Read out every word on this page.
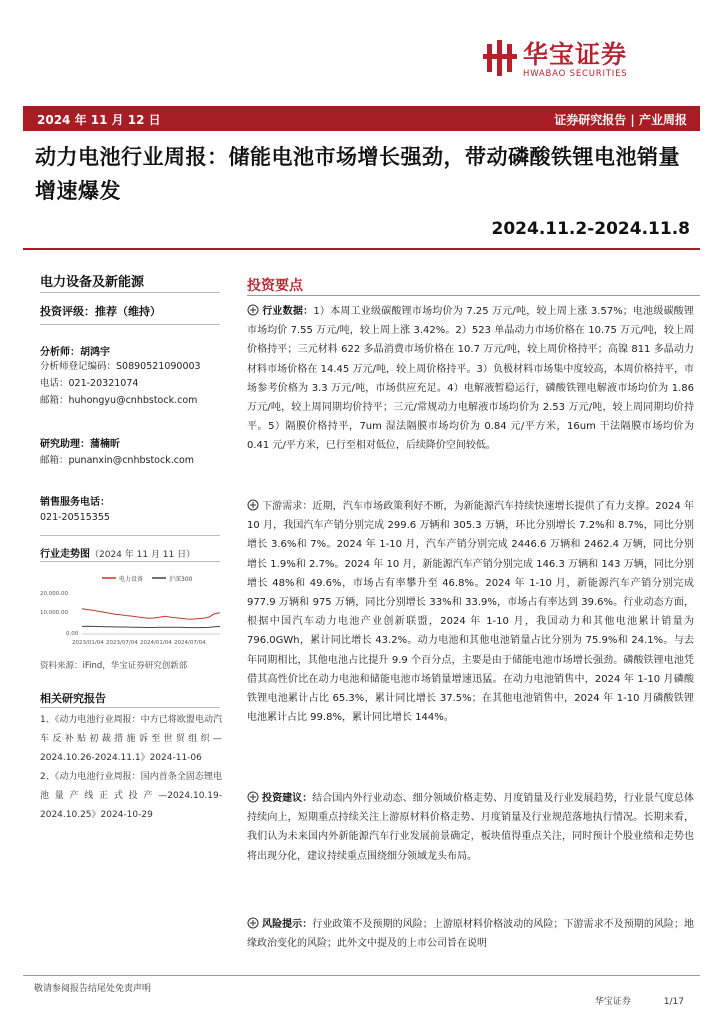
华宝证券
HWABAO SECURITIES
2024 年 11 月 12 日	证券研究报告 | 产业周报
动力电池行业周报：储能电池市场增长强劲，带动磷酸铁锂电池销量增速爆发
2024.11.2-2024.11.8
电力设备及新能源
投资评级：推荐（维持）
分析师：胡鸿宇
分析师登记编码：S0890521090003
电话：021-20321074
邮箱：huhongyu@cnhbstock.com
研究助理：蒲楠昕
邮箱：punanxin@cnhbstock.com
销售服务电话：
021-20515355
行业走势图（2024 年 11 月 11 日）
电力设备	沪深300
20,000.00
10,000.00
0.00
2023/01/04 2023/07/04 2024/01/04 2024/07/04
资料来源：iFind，华宝证券研究创新部
相关研究报告
1、《动力电池行业周报：中方已将欧盟电动汽车反补贴初裁措施诉至世贸组织—2024.10.26-2024.11.1》2024-11-06
2、《动力电池行业周报：国内首条全固态锂电池量产线正式投产—2024.10.19-2024.10.25》2024-10-29
投资要点
行业数据：1）本周工业级碳酸锂市场均价为 7.25 万元/吨，较上周上涨 3.57%；电池级碳酸锂市场均价 7.55 万元/吨，较上周上涨 3.42%。2）523 单晶动力市场价格在 10.75 万元/吨，较上周价格持平；三元材料 622 多晶消费市场价格在 10.7 万元/吨，较上周价格持平；高镍 811 多晶动力材料市场价格在 14.45 万元/吨，较上周价格持平。3）负极材料市场集中度较高，本周价格持平，市场参考价格为 3.3 万元/吨，市场供应充足。4）电解液暂稳运行，磷酸铁锂电解液市场均价为 1.86 万元/吨，较上周同期均价持平；三元/常规动力电解液市场均价为 2.53 万元/吨，较上周同期均价持平。5）隔膜价格持平，7um 湿法隔膜市场均价为 0.84 元/平方米，16um 干法隔膜市场均价为 0.41 元/平方米，已行至相对低位，后续降价空间较低。
下游需求：近期，汽车市场政策利好不断，为新能源汽车持续快速增长提供了有力支撑。2024 年 10 月，我国汽车产销分别完成 299.6 万辆和 305.3 万辆，环比分别增长 7.2%和 8.7%，同比分别增长 3.6%和 7%。2024 年 1-10 月，汽车产销分别完成 2446.6 万辆和 2462.4 万辆，同比分别增长 1.9%和 2.7%。2024 年 10 月，新能源汽车产销分别完成 146.3 万辆和 143 万辆，同比分别增长 48%和 49.6%，市场占有率攀升至 46.8%。2024 年 1-10 月，新能源汽车产销分别完成 977.9 万辆和 975 万辆，同比分别增长 33%和 33.9%，市场占有率达到 39.6%。行业动态方面，根据中国汽车动力电池产业创新联盟，2024 年 1-10 月，我国动力和其他电池累计销量为 796.0GWh，累计同比增长 43.2%。动力电池和其他电池销量占比分别为 75.9%和 24.1%。与去年同期相比，其他电池占比提升 9.9 个百分点，主要是由于储能电池市场增长强劲。磷酸铁锂电池凭借其高性价比在动力电池和储能电池市场销量增速迅猛。在动力电池销售中，2024 年 1-10 月磷酸铁锂电池累计占比 65.3%，累计同比增长 37.5%；在其他电池销售中，2024 年 1-10 月磷酸铁锂电池累计占比 99.8%，累计同比增长 144%。
投资建议：结合国内外行业动态、细分领域价格走势、月度销量及行业发展趋势，行业景气度总体持续向上，短期重点持续关注上游原材料价格走势、月度销量及行业规范落地执行情况。长期来看，我们认为未来国内外新能源汽车行业发展前景确定，板块值得重点关注，同时预计个股业绩和走势也将出现分化，建议持续重点围绕细分领域龙头布局。
风险提示：行业政策不及预期的风险；上游原材料价格波动的风险；下游需求不及预期的风险；地缘政治变化的风险；此外文中提及的上市公司旨在说明
敬请参阅报告结尾处免责声明
华宝证券	1/17
